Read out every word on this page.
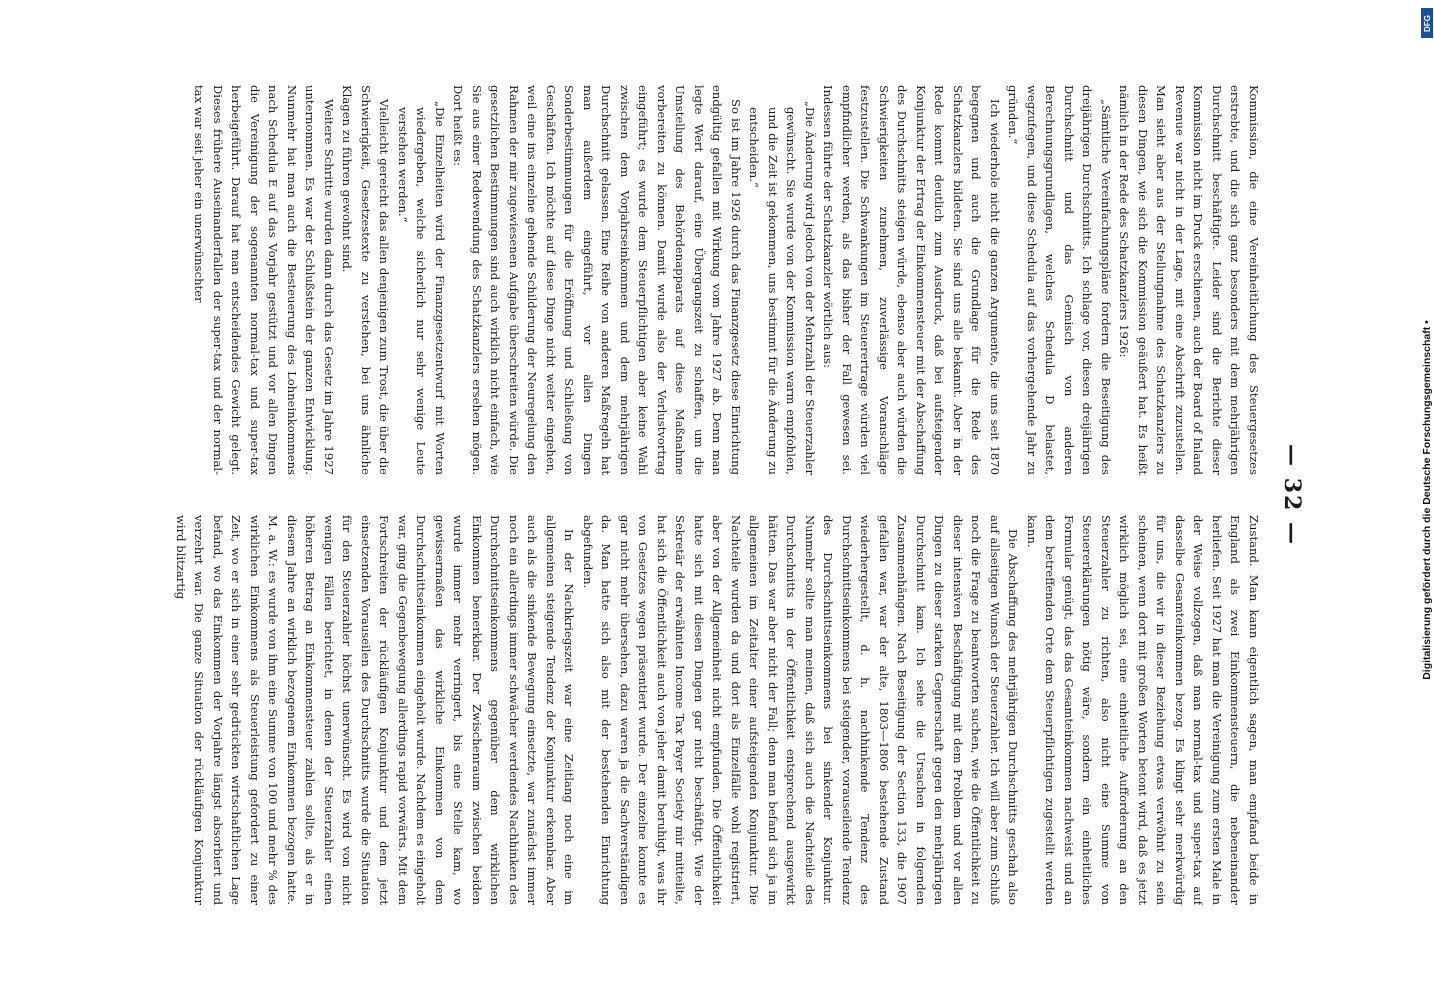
— 32 —

Kommission, die eine Vereinheitlichung des Steuergesetzes erstrebte, und die sich ganz besonders mit dem mehrjährigen Durchschnitt beschäftigte. Leider sind die Berichte dieser Kommission nicht im Druck erschienen, auch der Board of Inland Revenue war nicht in der Lage, mit eine Abschrift zuzustellen. Man sieht aber aus der Stellungnahme des Schatzkanzlers zu diesen Dingen, wie sich die Kommission geäußert hat. Es heißt nämlich in der Rede des Schatzkanzlers 1926:

„Sämtliche Vereinfachungspläne fordern die Beseitigung des dreijährigen Durchschnitts. Ich schlage vor, diesen dreijährigen Durchschnitt und das Gemisch von anderen Berechnungsgrundlagen, welches Schedula D belastet, wegzufegen, und diese Schedula auf das vorhergehende Jahr zu gründen.“

Ich wiederhole nicht die ganzen Argumente, die uns seit 1870 begegnen und auch die Grundlage für die Rede des Schatzkanzlers bildeten. Sie sind uns alle bekannt. Aber in der Rede kommt deutlich zum Ausdruck, daß bei aufsteigender Konjunktur der Ertrag der Einkommensteuer mit der Abschaffung des Durchschnitts steigen würde, ebenso aber auch würden die Schwierigkeiten zunehmen, zuverlässige Voranschläge festzustellen. Die Schwankungen im Steuerertrage würden viel empfindlicher werden, als das bisher der Fall gewesen sei. Indessen führte der Schatzkanzler wörtlich aus:

„Die Änderung wird jedoch von der Mehrzahl der Steuerzahler gewünscht. Sie wurde von der Kommission warm empfohlen, und die Zeit ist gekommen, uns bestimmt für die Änderung zu entscheiden.“

So ist im Jahre 1926 durch das Finanzgesetz diese Einrichtung endgültig gefallen mit Wirkung vom Jahre 1927 ab. Denn man legte Wert darauf, eine Übergangszeit zu schaffen, um die Umstellung des Behördenapparats auf diese Maßnahme vorbereiten zu können. Damit wurde also der Verlustvortrag eingeführt; es wurde dem Steuerpflichtigen aber keine Wahl zwischen dem Vorjahrseinkommen und dem mehrjährigen Durchschnitt gelassen. Eine Reihe von anderen Maßregeln hat man außerdem eingeführt, vor allen Dingen Sonderbestimmungen für die Eröffnung und Schließung von Geschäften. Ich möchte auf diese Dinge nicht weiter eingehen, weil eine ins einzelne gehende Schilderung der Neuregelung den Rahmen der mir zugewiesenen Aufgabe überschreiten würde. Die gesetzlichen Bestimmungen sind auch wirklich nicht einfach, wie Sie aus einer Redewendung des Schatzkanzlers ersehen mögen. Dort heißt es:

„Die Einzelheiten wird der Finanzgesetzentwurf mit Worten wiedergeben, welche sicherlich nur sehr wenige Leute verstehen werden.“

Vielleicht gereicht das allen denjenigen zum Trost, die über die Schwierigkeit, Gesetzestexte zu verstehen, bei uns ähnliche Klagen zu führen gewohnt sind.

Weitere Schritte wurden dann durch das Gesetz im Jahre 1927 unternommen. Es war der Schlußstein der ganzen Entwicklung. Nunmehr hat man auch die Besteuerung des Lohneinkommens nach Schedula E auf das Vorjahr gestützt und vor allen Dingen die Vereinigung der sogenannten normal-tax und super-tax herbeigeführt. Darauf hat man entscheidendes Gewicht gelegt. Dieses frühere Auseinanderfallen der super-tax und der normal-tax war seit jeher ein unerwünschter

Zustand. Man kann eigentlich sagen, man empfand beide in England als zwei Einkommensteuern, die nebeneinander herliefen. Seit 1927 hat man die Vereinigung zum ersten Male in der Weise vollzogen, daß man normal-tax und super-tax auf dasselbe Gesamteinkommen bezog. Es klingt sehr merkwürdig für uns, die wir in dieser Beziehung etwas verwöhnt zu sein scheinen, wenn dort mit großen Worten betont wird, daß es jetzt wirklich möglich sei, eine einheitliche Aufforderung an den Steuerzahler zu richten, also nicht eine Summe von Steuererklärungen nötig wäre, sondern ein einheitliches Formular genügt, das das Gesamteinkommen nachweist und an dem betreffenden Orte dem Steuerpflichtigen zugestellt werden kann.

Die Abschaffung des mehrjährigen Durchschnitts geschah also auf allseitigen Wunsch der Steuerzahler. Ich will aber zum Schluß noch die Frage zu beantworten suchen, wie die Öffentlichkeit zu dieser intensiven Beschäftigung mit dem Problem und vor allen Dingen zu dieser starken Gegnerschaft gegen den mehrjährigen Durchschnitt kam. Ich sehe die Ursachen in folgenden Zusammenhängen. Nach Beseitigung der Section 133, die 1907 gefallen war, war der alte, 1803—1806 bestehende Zustand wiederhergestellt, d. h. nachhinkende Tendenz des Durchschnittseinkommens bei steigender, vorauseilende Tendenz des Durchschnittseinkommens bei sinkender Konjunktur. Nunmehr sollte man meinen, daß sich auch die Nachteile des Durchschnitts in der Öffentlichkeit entsprechend ausgewirkt hätten. Das war aber nicht der Fall; denn man befand sich ja im allgemeinen im Zeitalter einer aufsteigenden Konjunktur. Die Nachteile wurden da und dort als Einzelfälle wohl registriert, aber von der Allgemeinheit nicht empfunden. Die Öffentlichkeit hatte sich mit diesen Dingen gar nicht beschäftigt. Wie der Sekretär der erwähnten Income Tax Payer Society mir mitteilte, hat sich die Öffentlichkeit auch von jeher damit beruhigt, was ihr von Gesetzes wegen präsentiert wurde. Der einzelne konnte es gar nicht mehr übersehen, dazu waren ja die Sachverständigen da. Man hatte sich also mit der bestehenden Einrichtung abgefunden.

In der Nachkriegszeit war eine Zeitlang noch eine im allgemeinen steigende Tendenz der Konjunktur erkennbar. Aber auch als die sinkende Bewegung einsetzte, war zunächst immer noch ein allerdings immer schwächer werdendes Nachhinken des Durchschnittseinkommens gegenüber dem wirklichen Einkommen bemerkbar. Der Zwischenraum zwischen beiden wurde immer mehr verringert, bis eine Stelle kam, wo gewissermaßen das wirkliche Einkommen von dem Durchschnittseinkommen eingeholt wurde. Nachdem es eingeholt war, ging die Gegenbewegung allerdings rapid vorwärts. Mit dem Fortschreiten der rückläufigen Konjunktur und dem jetzt einsetzenden Vorauseilen des Durchschnitts wurde die Situation für den Steuerzahler höchst unerwünscht. Es wird von nicht wenigen Fällen berichtet, in denen der Steuerzahler einen höheren Betrag an Einkommensteuer zahlen sollte, als er in diesem Jahre an wirklich bezogenem Einkommen bezogen hatte. M. a. W.: es wurde von ihm eine Summe von 100 und mehr % des wirklichen Einkommens als Steuerleistung gefordert zu einer Zeit, wo er sich in einer sehr gedrückten wirtschaftlichen Lage befand, wo das Einkommen der Vorjahre längst absorbiert und verzehrt war. Die ganze Situation der rückläufigen Konjunktur wird blitzartig

DFG
Digitalisierung gefördert durch die Deutsche Forschungsgemeinschaft •
